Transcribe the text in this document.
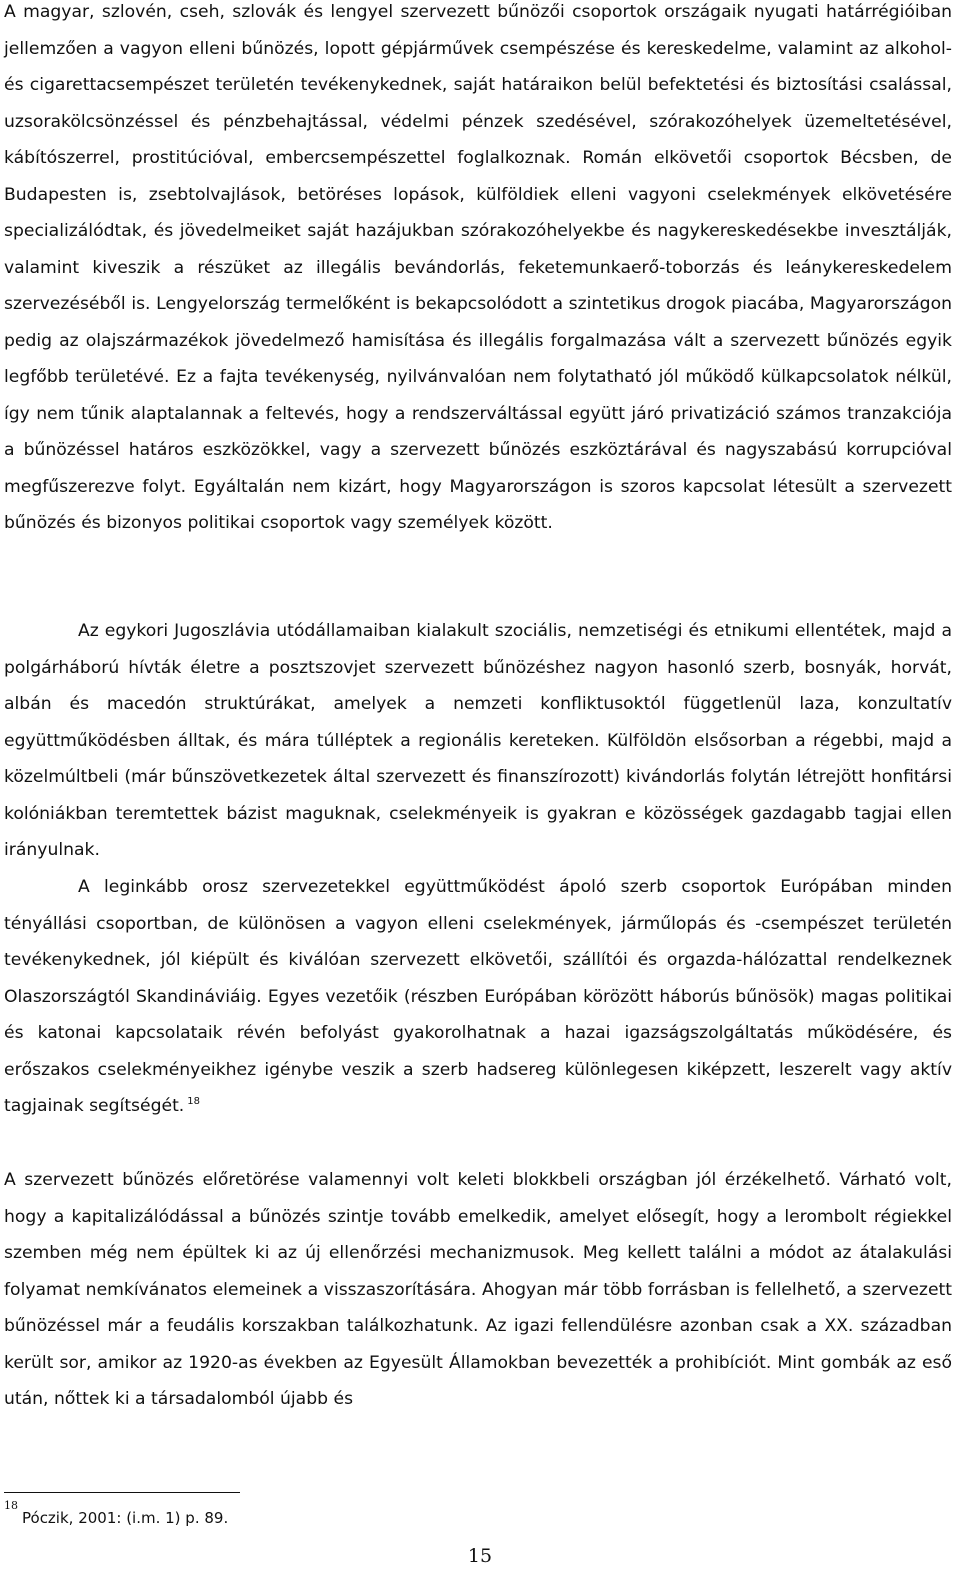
A magyar, szlovén, cseh, szlovák és lengyel szervezett bűnözői csoportok országaik nyugati határrégióiban jellemzően a vagyon elleni bűnözés, lopott gépjárművek csempészése és kereskedelme, valamint az alkohol- és cigarettacsempészet területén tevékenykednek, saját határaikon belül befektetési és biztosítási csalással, uzsorakölcsönzéssel és pénzbehajtással, védelmi pénzek szedésével, szórakozóhelyek üzemeltetésével, kábítószerrel, prostitúcióval, embercsempészettel foglalkoznak. Román elkövetői csoportok Bécsben, de Budapesten is, zsebtolvajlások, betöréses lopások, külföldiek elleni vagyoni cselekmények elkövetésére specializálódtak, és jövedelmeiket saját hazájukban szórakozóhelyekbe és nagykereskedésekbe invesztálják, valamint kiveszik a részüket az illegális bevándorlás, feketemunkaerő-toborzás és leánykereskedelem szervezéséből is. Lengyelország termelőként is bekapcsolódott a szintetikus drogok piacába, Magyarországon pedig az olajszármazékok jövedelmező hamisítása és illegális forgalmazása vált a szervezett bűnözés egyik legfőbb területévé. Ez a fajta tevékenység, nyilvánvalóan nem folytatható jól működő külkapcsolatok nélkül, így nem tűnik alaptalannak a feltevés, hogy a rendszerváltással együtt járó privatizáció számos tranzakciója a bűnözéssel határos eszközökkel, vagy a szervezett bűnözés eszköztárával és nagyszabású korrupcióval megfűszerezve folyt. Egyáltalán nem kizárt, hogy Magyarországon is szoros kapcsolat létesült a szervezett bűnözés és bizonyos politikai csoportok vagy személyek között.

Az egykori Jugoszlávia utódállamaiban kialakult szociális, nemzetiségi és etnikumi ellentétek, majd a polgárháború hívták életre a posztszovjet szervezett bűnözéshez nagyon hasonló szerb, bosnyák, horvát, albán és macedón struktúrákat, amelyek a nemzeti konfliktusoktól függetlenül laza, konzultatív együttműködésben álltak, és mára túlléptek a regionális kereteken. Külföldön elsősorban a régebbi, majd a közelmúltbeli (már bűnszövetkezetek által szervezett és finanszírozott) kivándorlás folytán létrejött honfitársi kolóniákban teremtettek bázist maguknak, cselekményeik is gyakran e közösségek gazdagabb tagjai ellen irányulnak.

A leginkább orosz szervezetekkel együttműködést ápoló szerb csoportok Európában minden tényállási csoportban, de különösen a vagyon elleni cselekmények, járműlopás és -csempészet területén tevékenykednek, jól kiépült és kiválóan szervezett elkövetői, szállítói és orgazda-hálózattal rendelkeznek Olaszországtól Skandináviáig. Egyes vezetőik (részben Európában körözött háborús bűnösök) magas politikai és katonai kapcsolataik révén befolyást gyakorolhatnak a hazai igazságszolgáltatás működésére, és erőszakos cselekményeikhez igénybe veszik a szerb hadsereg különlegesen kiképzett, leszerelt vagy aktív tagjainak segítségét. $^{18}$

A szervezett bűnözés előretörése valamennyi volt keleti blokkbeli országban jól érzékelhető. Várható volt, hogy a kapitalizálódással a bűnözés szintje tovább emelkedik, amelyet elősegít, hogy a lerombolt régiekkel szemben még nem épültek ki az új ellenőrzési mechanizmusok. Meg kellett találni a módot az átalakulási folyamat nemkívánatos elemeinek a visszaszorítására. Ahogyan már több forrásban is fellelhető, a szervezett bűnözéssel már a feudális korszakban találkozhatunk. Az igazi fellendülésre azonban csak a XX. században került sor, amikor az 1920-as években az Egyesült Államokban bevezették a prohibíciót. Mint gombák az eső után, nőttek ki a társadalomból újabb és

$^{18}$Póczik, 2001: (i.m. 1) p. 89.

15
